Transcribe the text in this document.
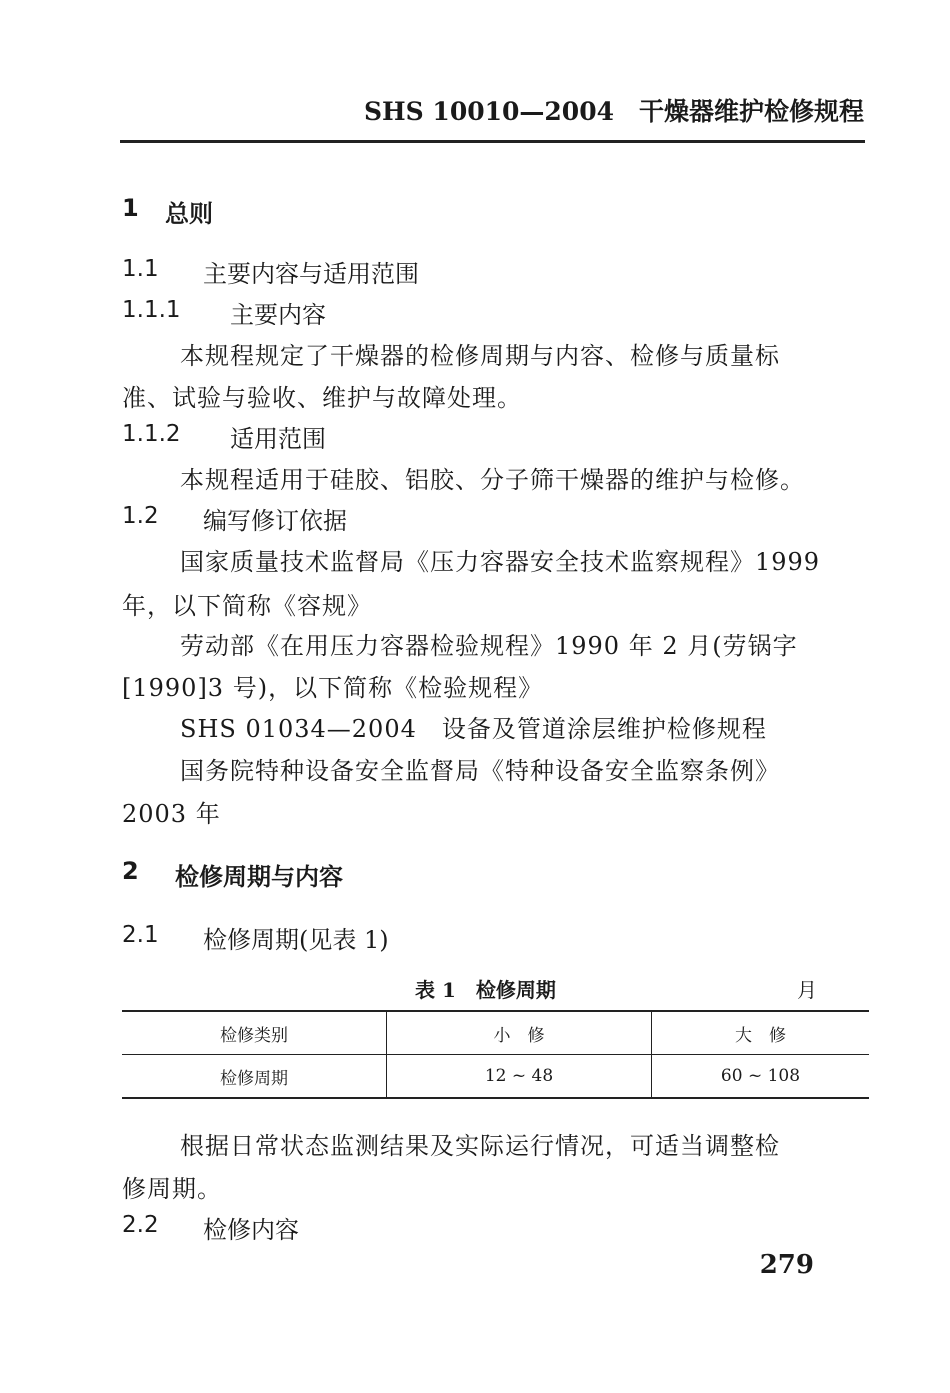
SHS 10010—2004　干燥器维护检修规程
1 总则
1.1 主要内容与适用范围
1.1.1 主要内容
本规程规定了干燥器的检修周期与内容、检修与质量标
准、试验与验收、维护与故障处理。
1.1.2 适用范围
本规程适用于硅胶、铝胶、分子筛干燥器的维护与检修。
1.2 编写修订依据
国家质量技术监督局《压力容器安全技术监察规程》1999
年，以下简称《容规》
劳动部《在用压力容器检验规程》1990 年 2 月(劳锅字
[1990]3 号)，以下简称《检验规程》
SHS 01034—2004　设备及管道涂层维护检修规程
国务院特种设备安全监督局《特种设备安全监察条例》
2003 年
2 检修周期与内容
2.1 检修周期(见表 1)
表 1　检修周期	月
检修类别	小　修	大　修
检修周期	12 ~ 48	60 ~ 108
根据日常状态监测结果及实际运行情况，可适当调整检
修周期。
2.2 检修内容
279
